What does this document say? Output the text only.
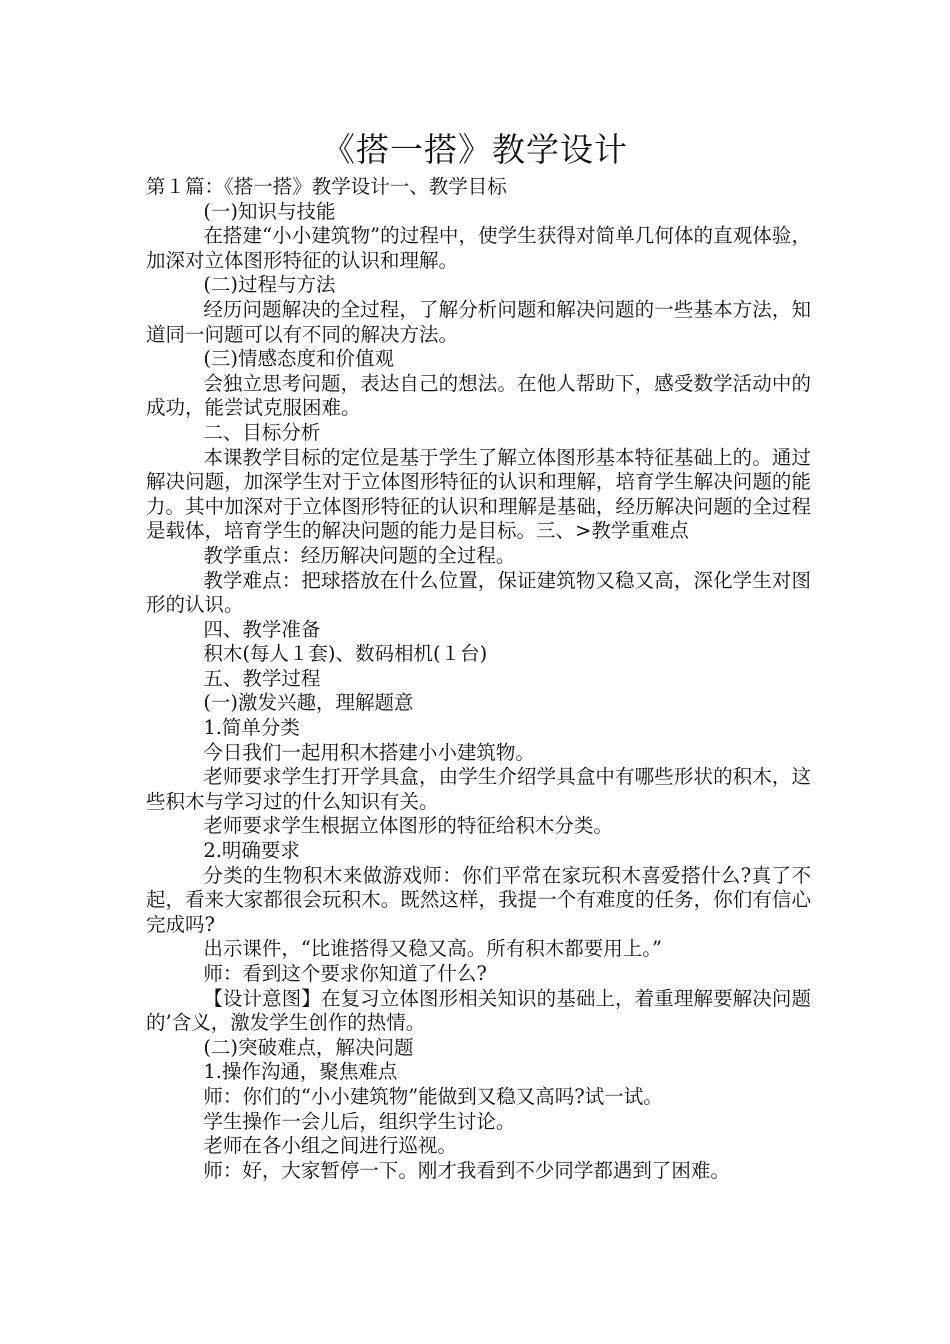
《搭一搭》教学设计

第１篇：《搭一搭》教学设计一、教学目标

(一)知识与技能

在搭建“小小建筑物”的过程中，使学生获得对简单几何体的直观体验，加深对立体图形特征的认识和理解。

(二)过程与方法

经历问题解决的全过程，了解分析问题和解决问题的一些基本方法，知道同一问题可以有不同的解决方法。

(三)情感态度和价值观

会独立思考问题，表达自己的想法。在他人帮助下，感受数学活动中的成功，能尝试克服困难。

二、目标分析

本课教学目标的定位是基于学生了解立体图形基本特征基础上的。通过解决问题，加深学生对于立体图形特征的认识和理解，培育学生解决问题的能力。其中加深对于立体图形特征的认识和理解是基础，经历解决问题的全过程是载体，培育学生的解决问题的能力是目标。三、>教学重难点

教学重点：经历解决问题的全过程。

教学难点：把球搭放在什么位置，保证建筑物又稳又高，深化学生对图形的认识。

四、教学准备

积木(每人１套)、数码相机(１台)

五、教学过程

(一)激发兴趣，理解题意

1.简单分类

今日我们一起用积木搭建小小建筑物。

老师要求学生打开学具盒，由学生介绍学具盒中有哪些形状的积木，这些积木与学习过的什么知识有关。

老师要求学生根据立体图形的特征给积木分类。

2.明确要求

分类的生物积木来做游戏师：你们平常在家玩积木喜爱搭什么?真了不起，看来大家都很会玩积木。既然这样，我提一个有难度的任务，你们有信心完成吗?

出示课件，“比谁搭得又稳又高。所有积木都要用上。”

师：看到这个要求你知道了什么?

【设计意图】在复习立体图形相关知识的基础上，着重理解要解决问题的’含义，激发学生创作的热情。

(二)突破难点，解决问题

1.操作沟通，聚焦难点

师：你们的“小小建筑物”能做到又稳又高吗?试一试。

学生操作一会儿后，组织学生讨论。

老师在各小组之间进行巡视。

师：好，大家暂停一下。刚才我看到不少同学都遇到了困难。
